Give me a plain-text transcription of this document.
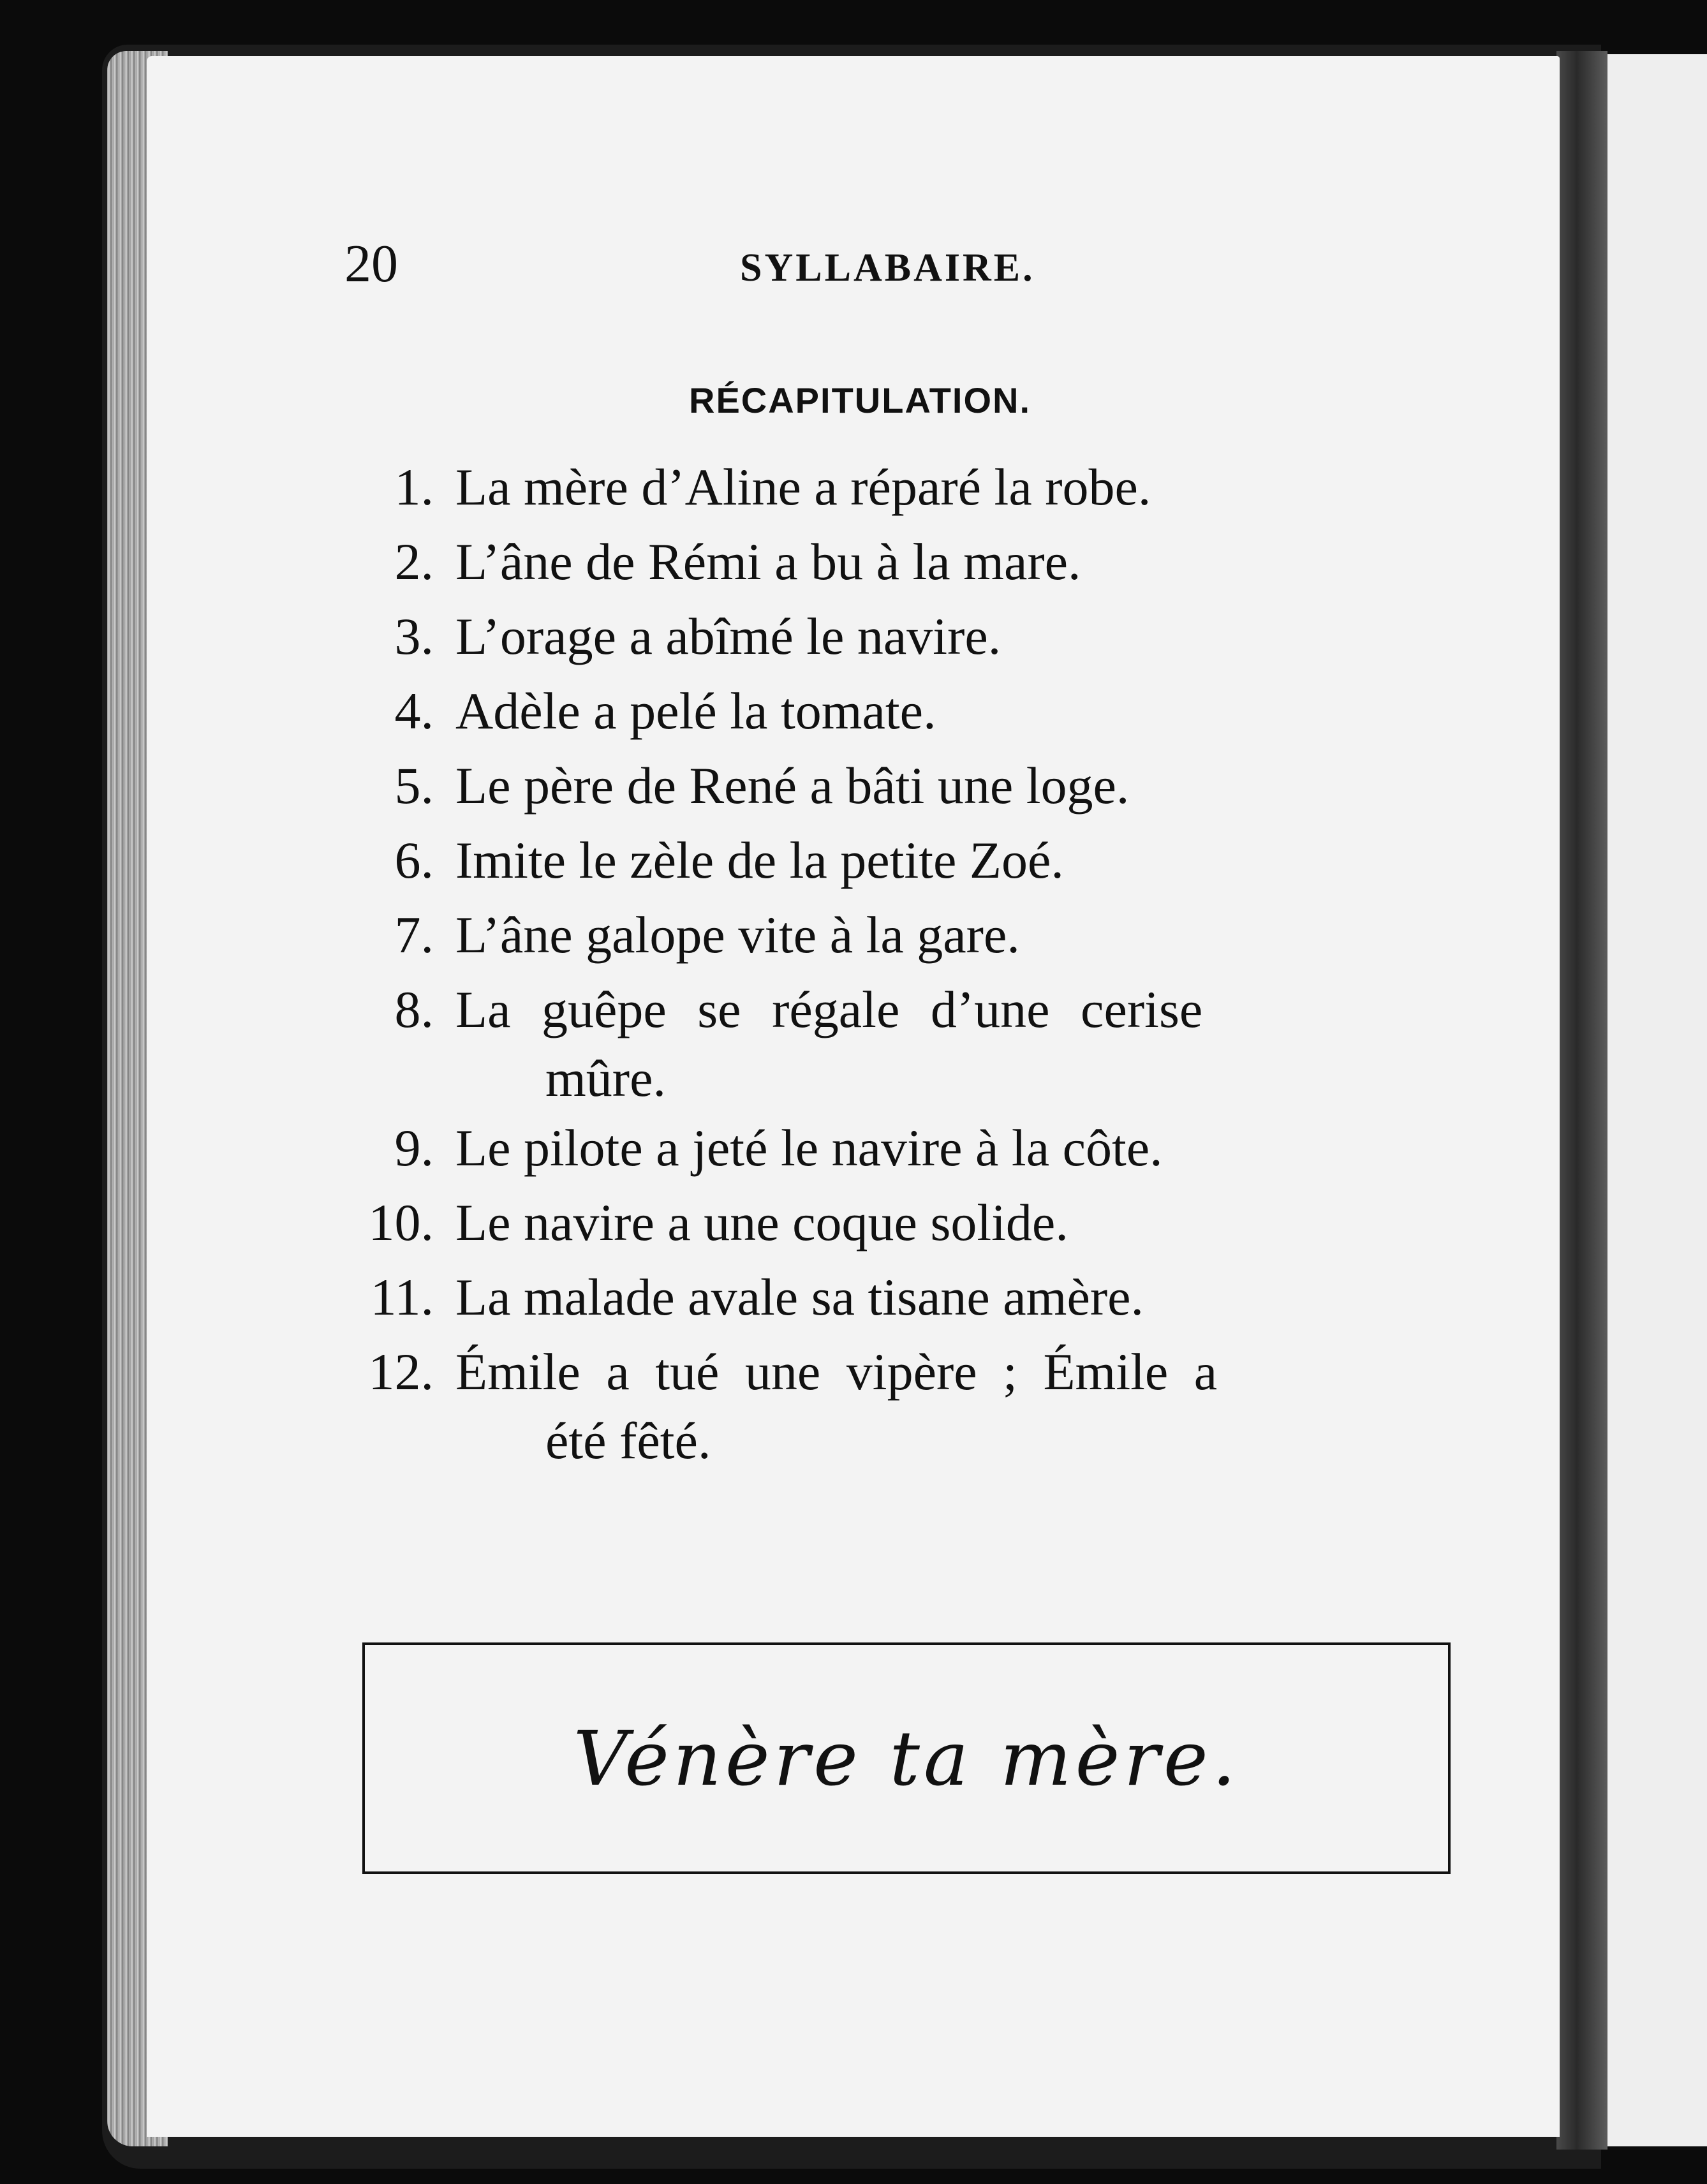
20	SYLLABAIRE.
RÉCAPITULATION.
1. La mère d’Aline a réparé la robe.
2. L’âne de Rémi a bu à la mare.
3. L’orage a abîmé le navire.
4. Adèle a pelé la tomate.
5. Le père de René a bâti une loge.
6. Imite le zèle de la petite Zoé.
7. L’âne galope vite à la gare.
8. La guêpe se régale d’une cerise
mûre.
9. Le pilote a jeté le navire à la côte.
10. Le navire a une coque solide.
11. La malade avale sa tisane amère.
12. Émile a tué une vipère ; Émile a
été fêté.
Vénère ta mère.
